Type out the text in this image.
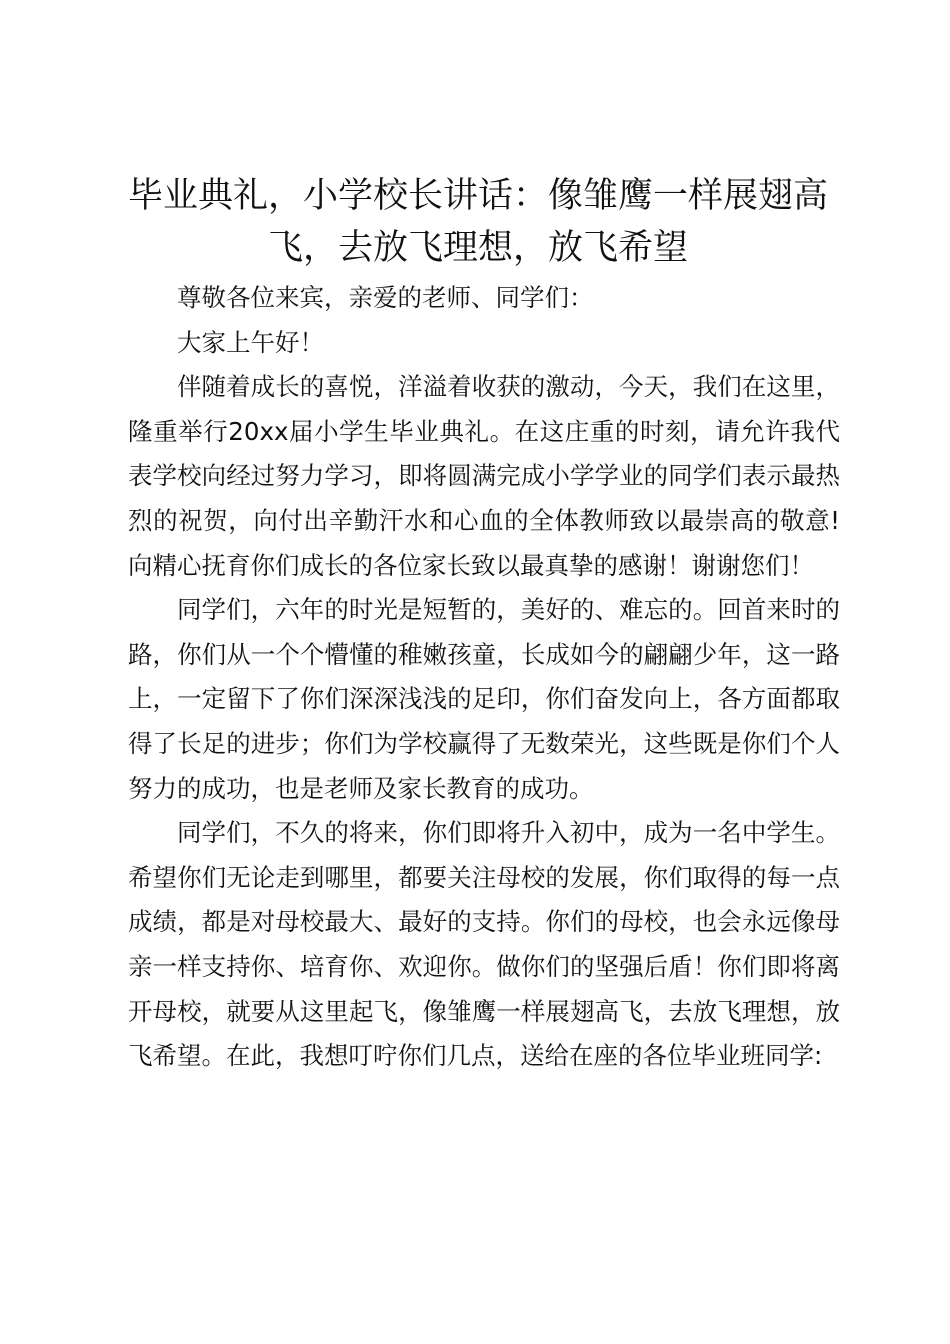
毕业典礼，小学校长讲话：像雏鹰一样展翅高飞，去放飞理想，放飞希望

尊敬各位来宾，亲爱的老师、同学们：

大家上午好！

伴随着成长的喜悦，洋溢着收获的激动，今天，我们在这里，隆重举行20xx届小学生毕业典礼。在这庄重的时刻，请允许我代表学校向经过努力学习，即将圆满完成小学学业的同学们表示最热烈的祝贺，向付出辛勤汗水和心血的全体教师致以最崇高的敬意!向精心抚育你们成长的各位家长致以最真挚的感谢！谢谢您们！

同学们，六年的时光是短暂的，美好的、难忘的。回首来时的路，你们从一个个懵懂的稚嫩孩童，长成如今的翩翩少年，这一路上，一定留下了你们深深浅浅的足印，你们奋发向上，各方面都取得了长足的进步；你们为学校赢得了无数荣光，这些既是你们个人努力的成功，也是老师及家长教育的成功。

同学们，不久的将来，你们即将升入初中，成为一名中学生。希望你们无论走到哪里，都要关注母校的发展，你们取得的每一点成绩，都是对母校最大、最好的支持。你们的母校，也会永远像母亲一样支持你、培育你、欢迎你。做你们的坚强后盾！你们即将离开母校，就要从这里起飞，像雏鹰一样展翅高飞，去放飞理想，放飞希望。在此，我想叮咛你们几点，送给在座的各位毕业班同学:
